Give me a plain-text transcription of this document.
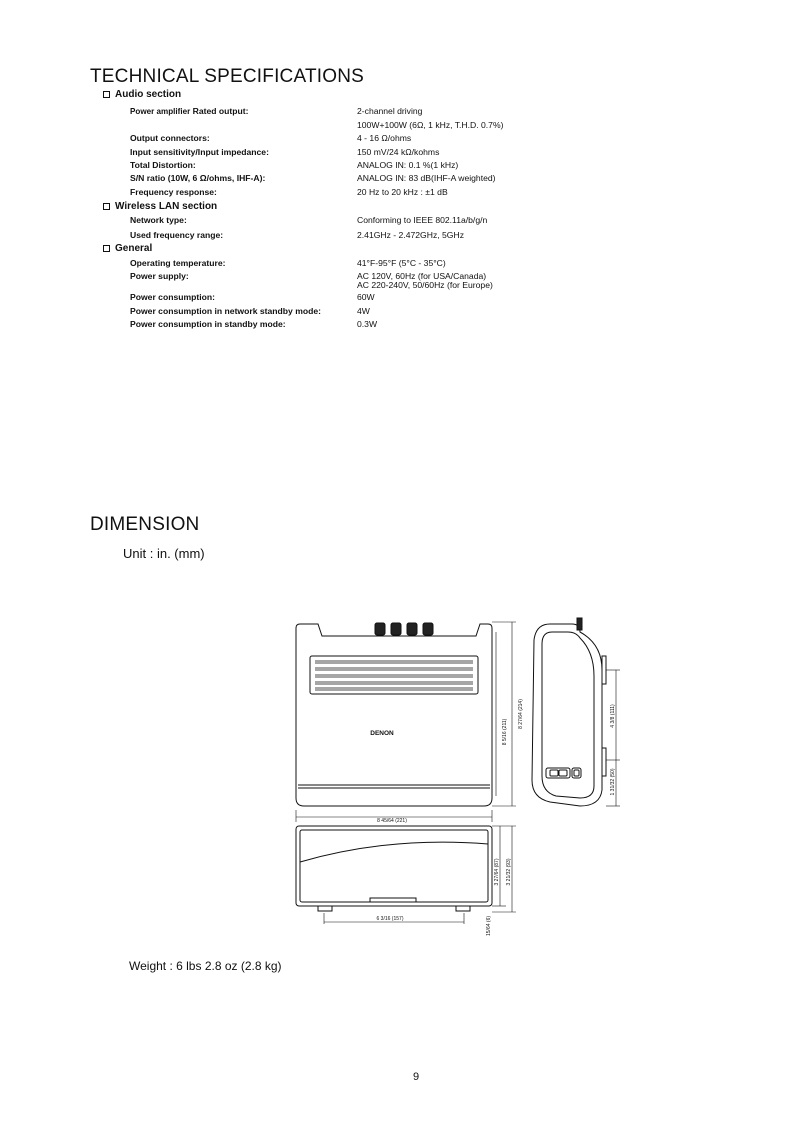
TECHNICAL SPECIFICATIONS
Audio section
Power amplifier Rated output:	2-channel driving
100W+100W (6Ω, 1 kHz, T.H.D. 0.7%)
Output connectors:	4 - 16 Ω/ohms
Input sensitivity/Input impedance:	150 mV/24 kΩ/kohms
Total Distortion:	ANALOG IN: 0.1 %(1 kHz)
S/N ratio (10W, 6 Ω/ohms, IHF-A):	ANALOG IN: 83 dB(IHF-A weighted)
Frequency response:	20 Hz to 20 kHz : ±1 dB
Wireless LAN section
Network type:	Conforming to IEEE 802.11a/b/g/n
Used frequency range:	2.41GHz - 2.472GHz, 5GHz
General
Operating temperature:	41°F-95°F (5°C - 35°C)
Power supply:	AC 120V, 60Hz (for USA/Canada)
AC 220-240V, 50/60Hz (for Europe)
Power consumption:	60W
Power consumption in network standby mode:	4W
Power consumption in standby mode:	0.3W
DIMENSION
Unit : in. (mm)
DENON	8 5/16 (211)
8 27/64 (214)	4 3/8 (111)
1 31/32 (50)
8 45/64 (221)
3 27/64 (87) 3 21/32 (93)
6 3/16 (157)	15/64 (6)
Weight : 6 lbs 2.8 oz (2.8 kg)
9
